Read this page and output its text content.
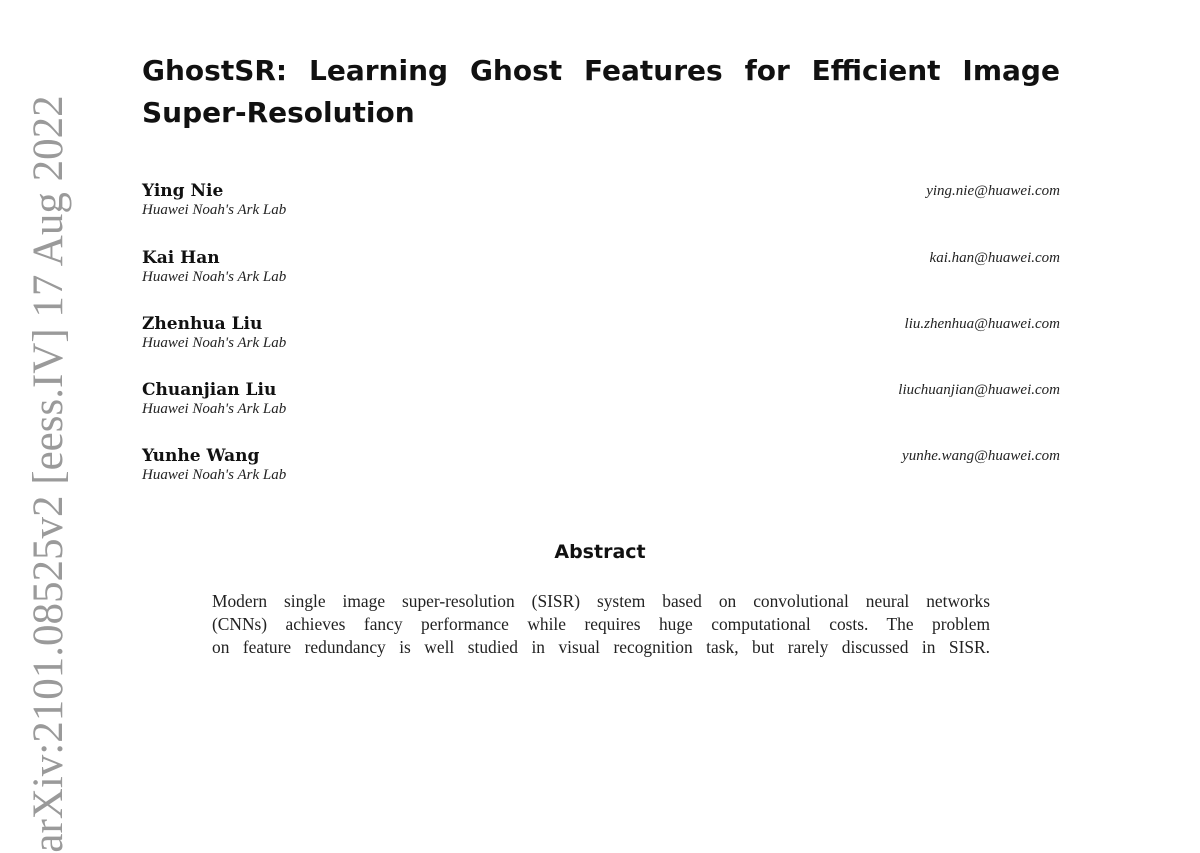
GhostSR: Learning Ghost Features for Efficient Image
Super-Resolution
Ying Nie
Huawei Noah's Ark Lab
ying.nie@huawei.com
Kai Han
Huawei Noah's Ark Lab
kai.han@huawei.com
Zhenhua Liu
Huawei Noah's Ark Lab
liu.zhenhua@huawei.com
Chuanjian Liu
Huawei Noah's Ark Lab
liuchuanjian@huawei.com
Yunhe Wang
Huawei Noah's Ark Lab
yunhe.wang@huawei.com
Abstract

Modern single image super-resolution (SISR) system based on convolutional neural networks
(CNNs) achieves fancy performance while requires huge computational costs. The problem
on feature redundancy is well studied in visual recognition task, but rarely discussed in SISR.

arXiv:2101.08525v2 [eess.IV] 17 Aug 2022
